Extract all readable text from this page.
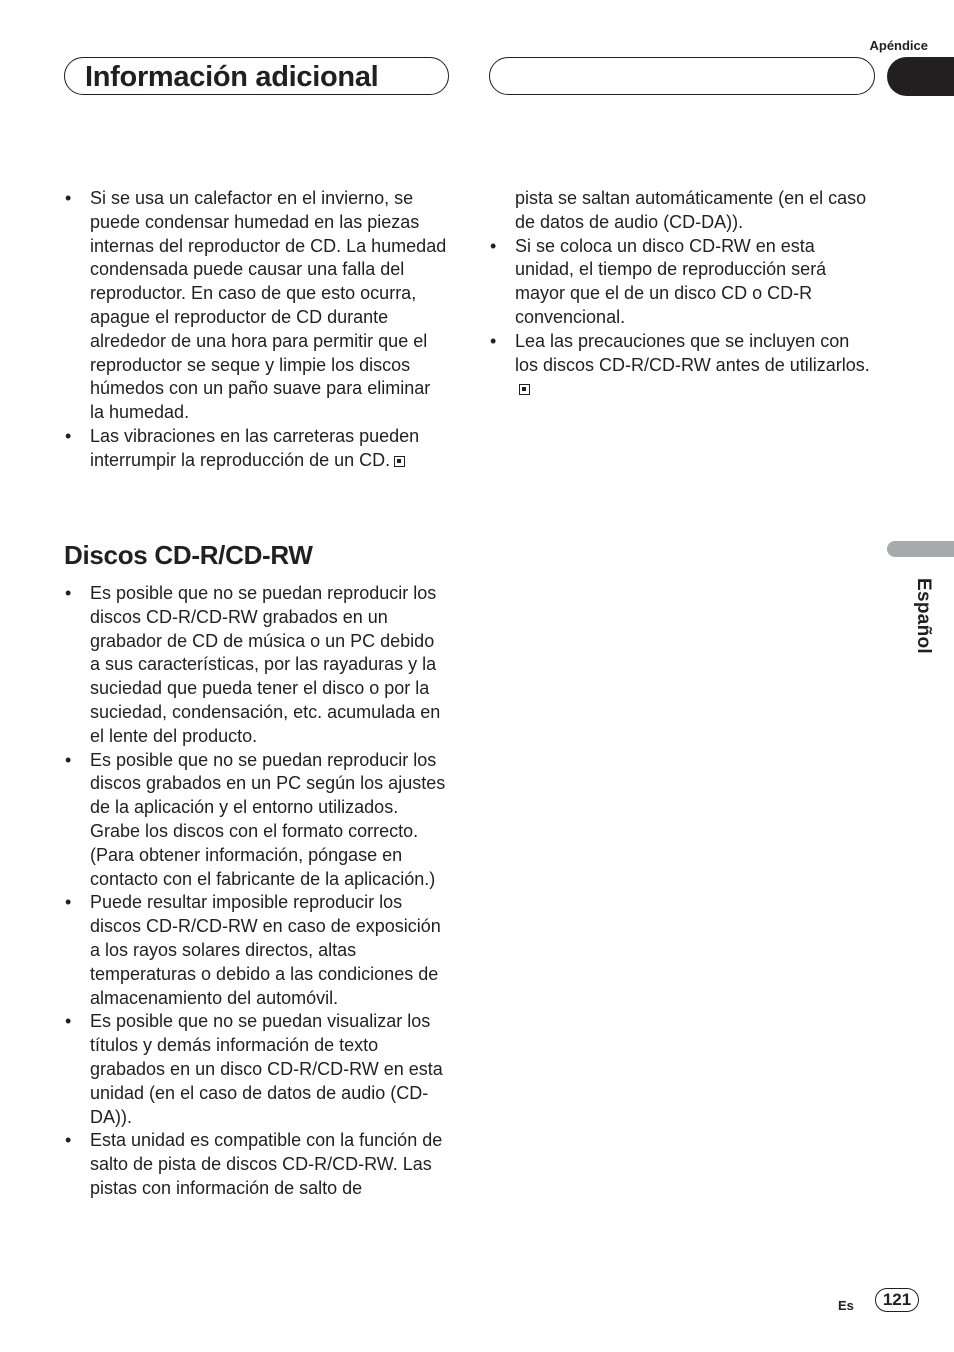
Apéndice
Información adicional
Español
• Si se usa un calefactor en el invierno, se puede condensar humedad en las piezas internas del reproductor de CD. La humedad condensada puede causar una falla del reproductor. En caso de que esto ocurra, apague el reproductor de CD durante alrededor de una hora para permitir que el reproductor se seque y limpie los discos húmedos con un paño suave para eliminar la humedad.
• Las vibraciones en las carreteras pueden interrumpir la reproducción de un CD.
Discos CD-R/CD-RW
• Es posible que no se puedan reproducir los discos CD-R/CD-RW grabados en un grabador de CD de música o un PC debido a sus características, por las rayaduras y la suciedad que pueda tener el disco o por la suciedad, condensación, etc. acumulada en el lente del producto.
• Es posible que no se puedan reproducir los discos grabados en un PC según los ajustes de la aplicación y el entorno utilizados. Grabe los discos con el formato correcto. (Para obtener información, póngase en contacto con el fabricante de la aplicación.)
• Puede resultar imposible reproducir los discos CD-R/CD-RW en caso de exposición a los rayos solares directos, altas temperaturas o debido a las condiciones de almacenamiento del automóvil.
• Es posible que no se puedan visualizar los títulos y demás información de texto grabados en un disco CD-R/CD-RW en esta unidad (en el caso de datos de audio (CD-DA)).
• Esta unidad es compatible con la función de salto de pista de discos CD-R/CD-RW. Las pistas con información de salto de
pista se saltan automáticamente (en el caso de datos de audio (CD-DA)).
• Si se coloca un disco CD-RW en esta unidad, el tiempo de reproducción será mayor que el de un disco CD o CD-R convencional.
• Lea las precauciones que se incluyen con los discos CD-R/CD-RW antes de utilizarlos.
Es	121
